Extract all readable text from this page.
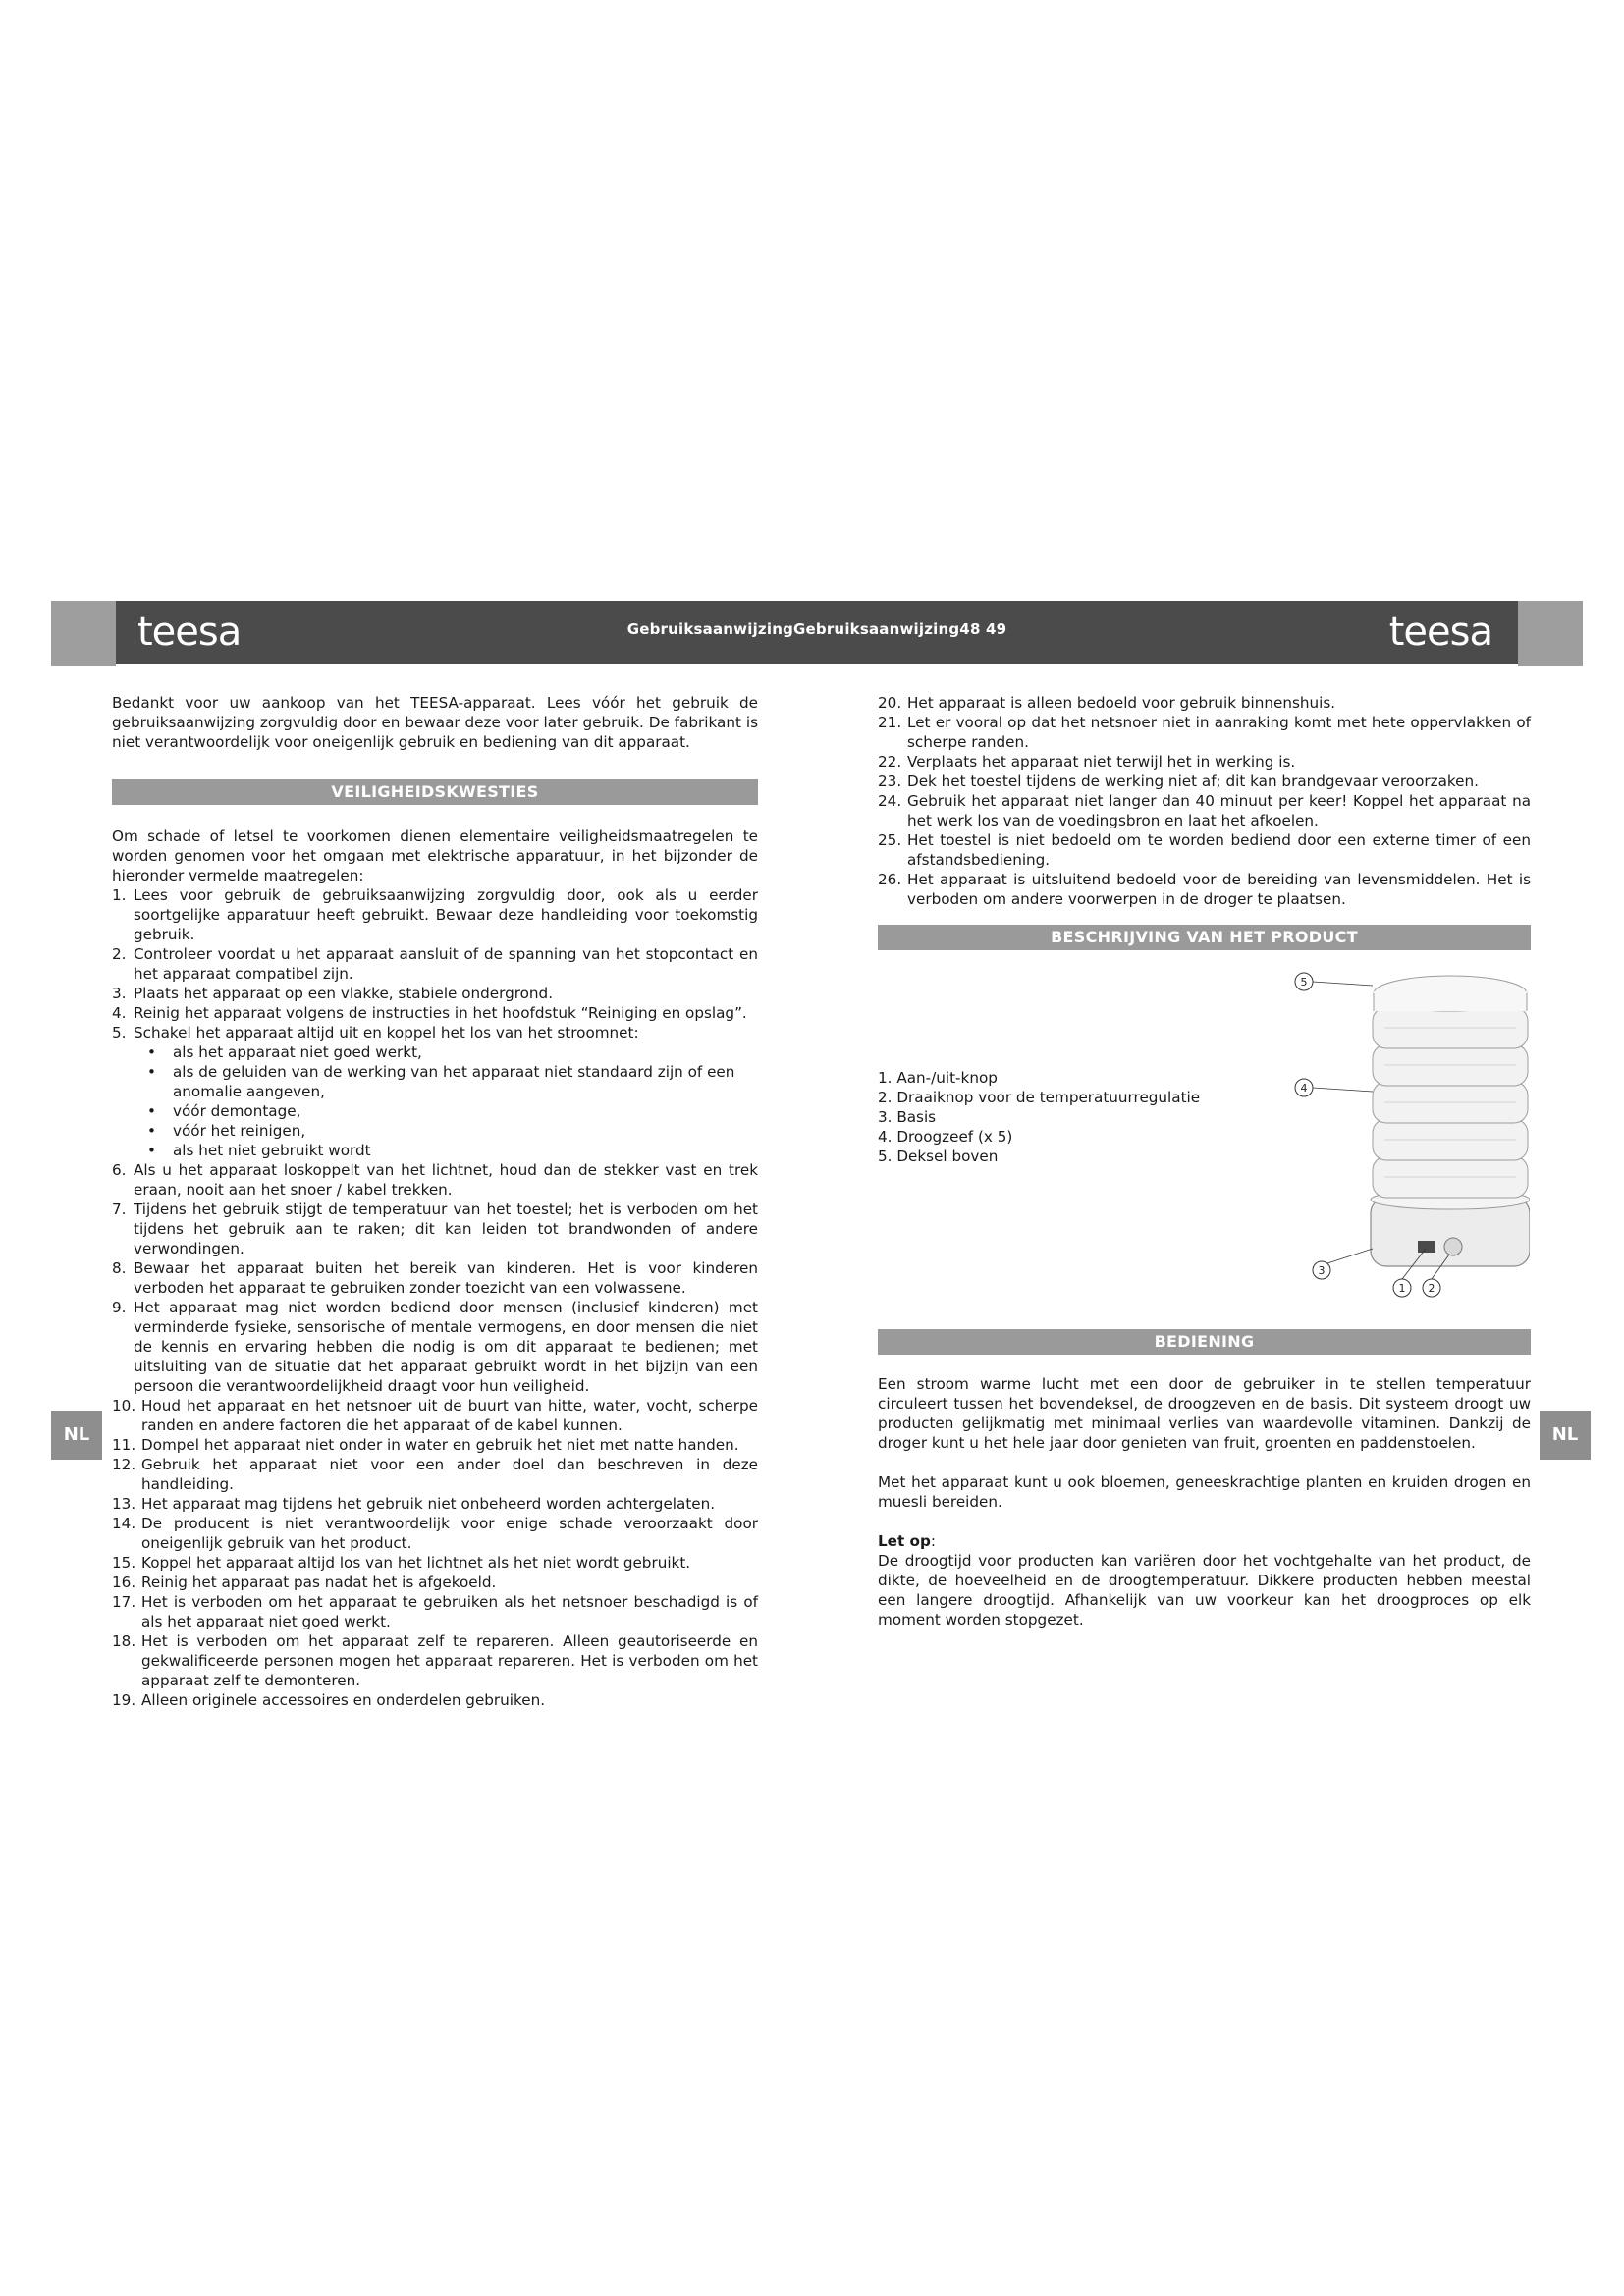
teesa	GebruiksaanwijzingGebruiksaanwijzing48 49	teesa
NL	NL

Bedankt voor uw aankoop van het TEESA-apparaat. Lees vóór het gebruik de gebruiksaanwijzing zorgvuldig door en bewaar deze voor later gebruik. De fabrikant is niet verantwoordelijk voor oneigenlijk gebruik en bediening van dit apparaat.

VEILIGHEIDSKWESTIES

Om schade of letsel te voorkomen dienen elementaire veiligheidsmaatregelen te worden genomen voor het omgaan met elektrische apparatuur, in het bijzonder de hieronder vermelde maatregelen:

1. Lees voor gebruik de gebruiksaanwijzing zorgvuldig door, ook als u eerder soortgelijke apparatuur heeft gebruikt. Bewaar deze handleiding voor toekomstig gebruik.
2. Controleer voordat u het apparaat aansluit of de spanning van het stopcontact en het apparaat compatibel zijn.
3. Plaats het apparaat op een vlakke, stabiele ondergrond.
4. Reinig het apparaat volgens de instructies in het hoofdstuk “Reiniging en opslag”.
5. Schakel het apparaat altijd uit en koppel het los van het stroomnet:
•	als het apparaat niet goed werkt,
•	als de geluiden van de werking van het apparaat niet standaard zijn of een anomalie aangeven,
•	vóór demontage,
•	vóór het reinigen,
•	als het niet gebruikt wordt
6. Als u het apparaat loskoppelt van het lichtnet, houd dan de stekker vast en trek eraan, nooit aan het snoer / kabel trekken.
7. Tijdens het gebruik stijgt de temperatuur van het toestel; het is verboden om het tijdens het gebruik aan te raken; dit kan leiden tot brandwonden of andere verwondingen.
8. Bewaar het apparaat buiten het bereik van kinderen. Het is voor kinderen verboden het apparaat te gebruiken zonder toezicht van een volwassene.
9. Het apparaat mag niet worden bediend door mensen (inclusief kinderen) met verminderde fysieke, sensorische of mentale vermogens, en door mensen die niet de kennis en ervaring hebben die nodig is om dit apparaat te bedienen; met uitsluiting van de situatie dat het apparaat gebruikt wordt in het bijzijn van een persoon die verantwoordelijkheid draagt voor hun veiligheid.
10. Houd het apparaat en het netsnoer uit de buurt van hitte, water, vocht, scherpe randen en andere factoren die het apparaat of de kabel kunnen.
11. Dompel het apparaat niet onder in water en gebruik het niet met natte handen.
12. Gebruik het apparaat niet voor een ander doel dan beschreven in deze handleiding.
13. Het apparaat mag tijdens het gebruik niet onbeheerd worden achtergelaten.
14. De producent is niet verantwoordelijk voor enige schade veroorzaakt door oneigenlijk gebruik van het product.
15. Koppel het apparaat altijd los van het lichtnet als het niet wordt gebruikt.
16. Reinig het apparaat pas nadat het is afgekoeld.
17. Het is verboden om het apparaat te gebruiken als het netsnoer beschadigd is of als het apparaat niet goed werkt.
18. Het is verboden om het apparaat zelf te repareren. Alleen geautoriseerde en gekwalificeerde personen mogen het apparaat repareren. Het is verboden om het apparaat zelf te demonteren.
19. Alleen originele accessoires en onderdelen gebruiken.
20. Het apparaat is alleen bedoeld voor gebruik binnenshuis.
21. Let er vooral op dat het netsnoer niet in aanraking komt met hete oppervlakken of scherpe randen.
22. Verplaats het apparaat niet terwijl het in werking is.
23. Dek het toestel tijdens de werking niet af; dit kan brandgevaar veroorzaken.
24. Gebruik het apparaat niet langer dan 40 minuut per keer! Koppel het apparaat na het werk los van de voedingsbron en laat het afkoelen.
25. Het toestel is niet bedoeld om te worden bediend door een externe timer of een afstandsbediening.
26. Het apparaat is uitsluitend bedoeld voor de bereiding van levensmiddelen. Het is verboden om andere voorwerpen in de droger te plaatsen.
BESCHRIJVING VAN HET PRODUCT
1. Aan-/uit-knop
2. Draaiknop voor de temperatuurregulatie
3. Basis
4. Droogzeef (x 5)
5. Deksel boven
5
4
3
1 2
BEDIENING

Een stroom warme lucht met een door de gebruiker in te stellen temperatuur circuleert tussen het bovendeksel, de droogzeven en de basis. Dit systeem droogt uw producten gelijkmatig met minimaal verlies van waardevolle vitaminen. Dankzij de droger kunt u het hele jaar door genieten van fruit, groenten en paddenstoelen.

Met het apparaat kunt u ook bloemen, geneeskrachtige planten en kruiden drogen en muesli bereiden.

Let op:

De droogtijd voor producten kan variëren door het vochtgehalte van het product, de dikte, de hoeveelheid en de droogtemperatuur. Dikkere producten hebben meestal een langere droogtijd. Afhankelijk van uw voorkeur kan het droogproces op elk moment worden stopgezet.
